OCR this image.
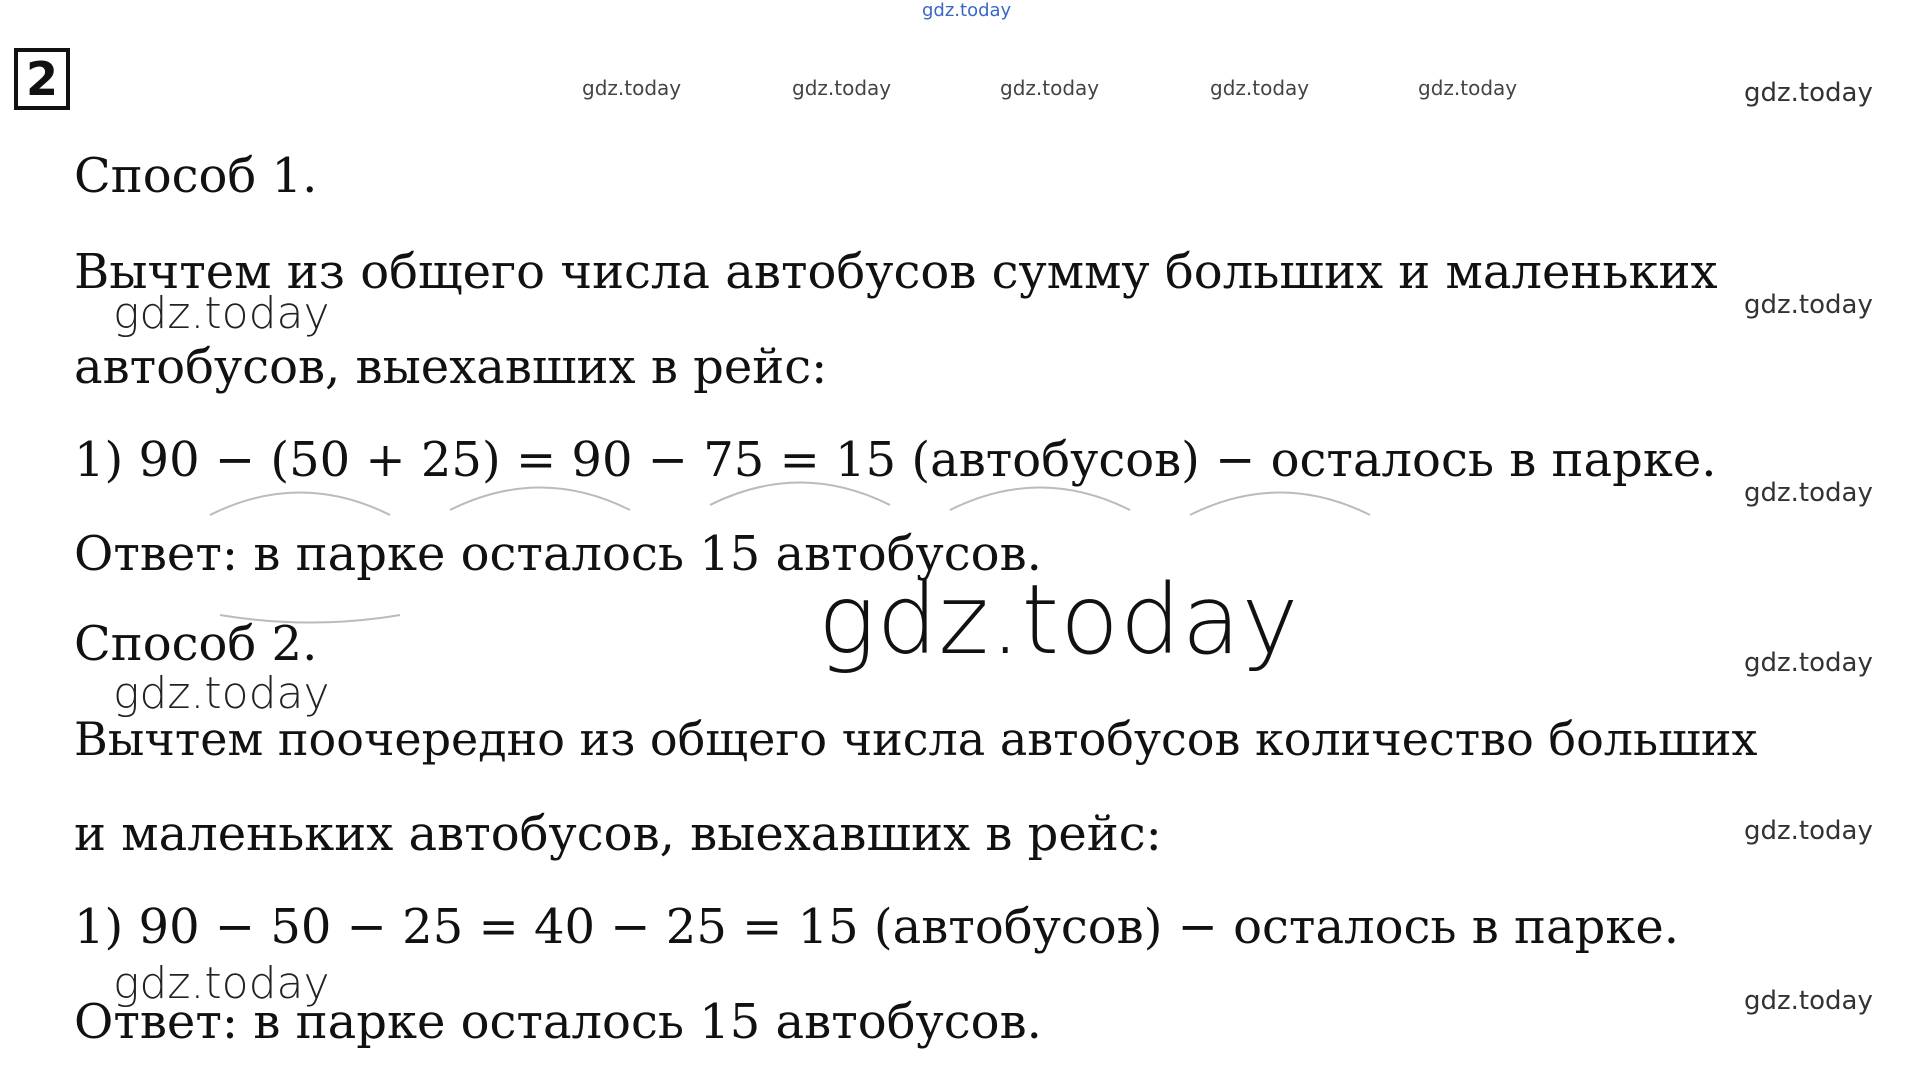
gdz.today
2	gdz.today	gdz.today	gdz.today	gdz.today	gdz.today	gdz.today
Способ 1.
Вычтем из общего числа автобусов сумму больших и маленьких
gdz.today	gdz.today
автобусов, выехавших в рейс:
1) 90 − (50 + 25) = 90 − 75 = 15 (автобусов) − осталось в парке.
gdz.today
Ответ: в парке осталось 15 автобусов.
gdz.today
Способ 2.	gdz.today
gdz.today
Вычтем поочередно из общего числа автобусов количество больших
и маленьких автобусов, выехавших в рейс:	gdz.today
1) 90 − 50 − 25 = 40 − 25 = 15 (автобусов) − осталось в парке.
gdz.today	gdz.today
Ответ: в парке осталось 15 автобусов.
